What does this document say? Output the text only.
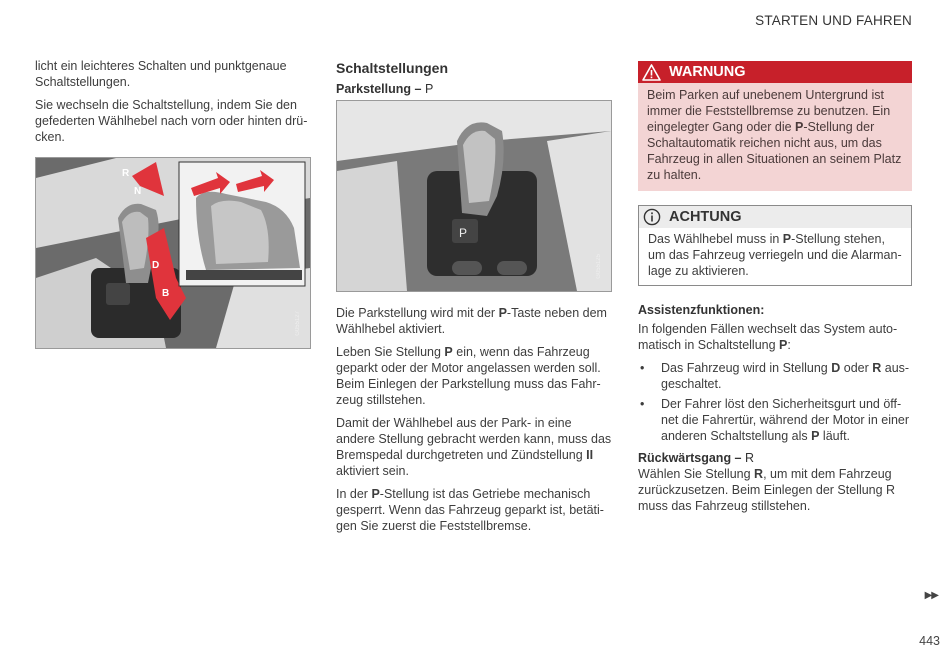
STARTEN UND FAHREN

licht ein leichteres Schalten und punktgenaue Schaltstellungen.

Sie wechseln die Schaltstellung, indem Sie den gefederten Wählhebel nach vorn oder hinten drü-cken.

R
N
D
B
G055127
Schaltstellungen
Parkstellung – P
P
G055125

Die Parkstellung wird mit der P-Taste neben dem Wählhebel aktiviert.

Leben Sie Stellung P ein, wenn das Fahrzeug geparkt oder der Motor angelassen werden soll. Beim Einlegen der Parkstellung muss das Fahr-zeug stillstehen.

Damit der Wählhebel aus der Park- in eine andere Stellung gebracht werden kann, muss das Bremspedal durchgetreten und Zündstellung II aktiviert sein.

In der P-Stellung ist das Getriebe mechanisch gesperrt. Wenn das Fahrzeug geparkt ist, betäti-gen Sie zuerst die Feststellbremse.

WARNUNG
Beim Parken auf unebenem Untergrund ist immer die Feststellbremse zu benutzen. Ein eingelegter Gang oder die P-Stellung der Schaltautomatik reichen nicht aus, um das Fahrzeug in allen Situationen an seinem Platz zu halten.
ACHTUNG
Das Wählhebel muss in P-Stellung stehen, um das Fahrzeug verriegeln und die Alarman-lage zu aktivieren.
Assistenzfunktionen:

In folgenden Fällen wechselt das System auto-matisch in Schaltstellung P:

• Das Fahrzeug wird in Stellung D oder R aus-geschaltet.
• Der Fahrer löst den Sicherheitsgurt und öff-net die Fahrertür, während der Motor in einer anderen Schaltstellung als P läuft.
Rückwärtsgang – R

Wählen Sie Stellung R, um mit dem Fahrzeug zurückzusetzen. Beim Einlegen der Stellung R muss das Fahrzeug stillstehen.

▶▶
443
